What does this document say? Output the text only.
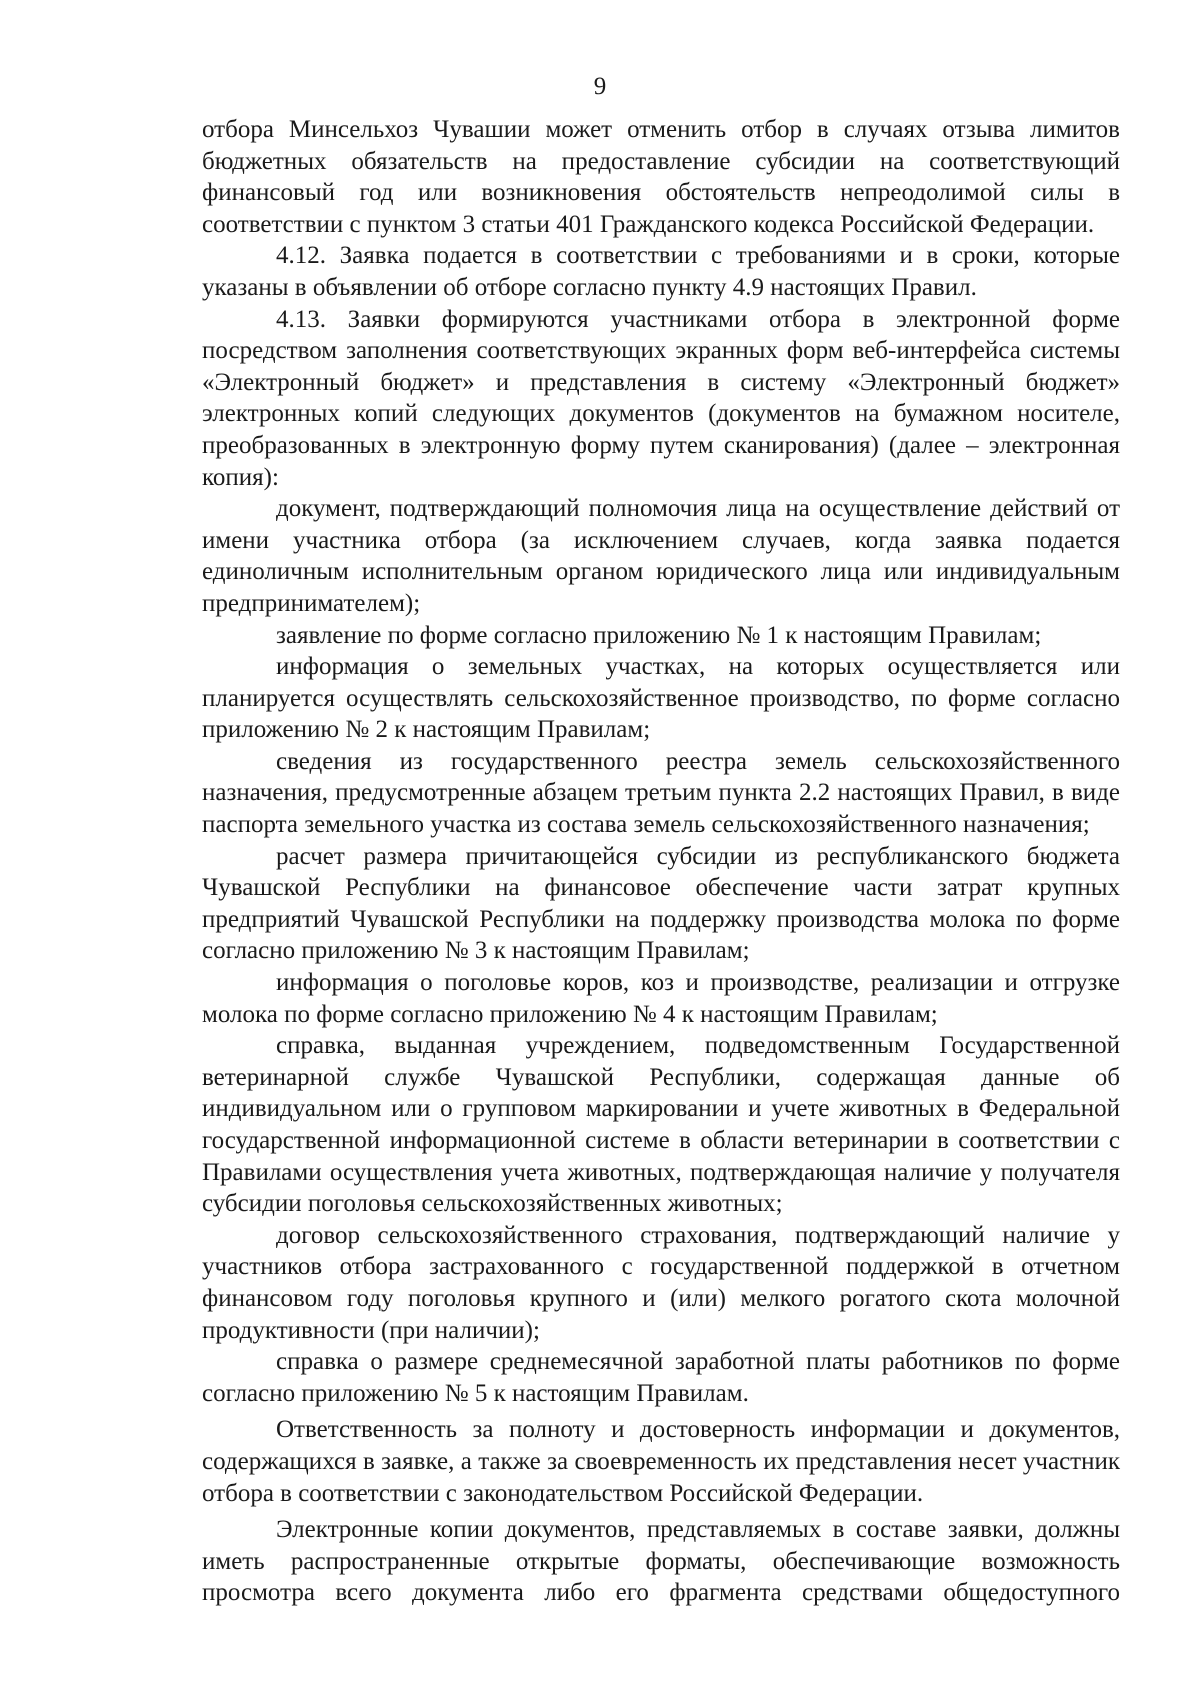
9

отбора Минсельхоз Чувашии может отменить отбор в случаях отзыва лимитов бюджетных обязательств на предоставление субсидии на соответствующий финансовый год или возникновения обстоятельств непреодолимой силы в соответствии с пунктом 3 статьи 401 Гражданского кодекса Российской Федерации.

4.12. Заявка подается в соответствии с требованиями и в сроки, которые указаны в объявлении об отборе согласно пункту 4.9 настоящих Правил.

4.13. Заявки формируются участниками отбора в электронной форме посредством заполнения соответствующих экранных форм веб-интерфейса системы «Электронный бюджет» и представления в систему «Электронный бюджет» электронных копий следующих документов (документов на бумажном носителе, преобразованных в электронную форму путем сканирования) (далее – электронная копия):

документ, подтверждающий полномочия лица на осуществление действий от имени участника отбора (за исключением случаев, когда заявка подается единоличным исполнительным органом юридического лица или индивидуальным предпринимателем);

заявление по форме согласно приложению № 1 к настоящим Правилам;

информация о земельных участках, на которых осуществляется или планируется осуществлять сельскохозяйственное производство, по форме согласно приложению № 2 к настоящим Правилам;

сведения из государственного реестра земель сельскохозяйственного назначения, предусмотренные абзацем третьим пункта 2.2 настоящих Правил, в виде паспорта земельного участка из состава земель сельскохозяйственного назначения;

расчет размера причитающейся субсидии из республиканского бюджета Чувашской Республики на финансовое обеспечение части затрат крупных предприятий Чувашской Республики на поддержку производства молока по форме согласно приложению № 3 к настоящим Правилам;

информация о поголовье коров, коз и производстве, реализации и отгрузке молока по форме согласно приложению № 4 к настоящим Правилам;

справка, выданная учреждением, подведомственным Государственной ветеринарной службе Чувашской Республики, содержащая данные об индивидуальном или о групповом маркировании и учете животных в Федеральной государственной информационной системе в области ветеринарии в соответствии с Правилами осуществления учета животных, подтверждающая наличие у получателя субсидии поголовья сельскохозяйственных животных;

договор сельскохозяйственного страхования, подтверждающий наличие у участников отбора застрахованного с государственной поддержкой в отчетном финансовом году поголовья крупного и (или) мелкого рогатого скота молочной продуктивности (при наличии);

справка о размере среднемесячной заработной платы работников по форме согласно приложению № 5 к настоящим Правилам.

Ответственность за полноту и достоверность информации и документов, содержащихся в заявке, а также за своевременность их представления несет участник отбора в соответствии с законодательством Российской Федерации.

Электронные копии документов, представляемых в составе заявки, должны иметь распространенные открытые форматы, обеспечивающие возможность просмотра всего документа либо его фрагмента средствами общедоступного
